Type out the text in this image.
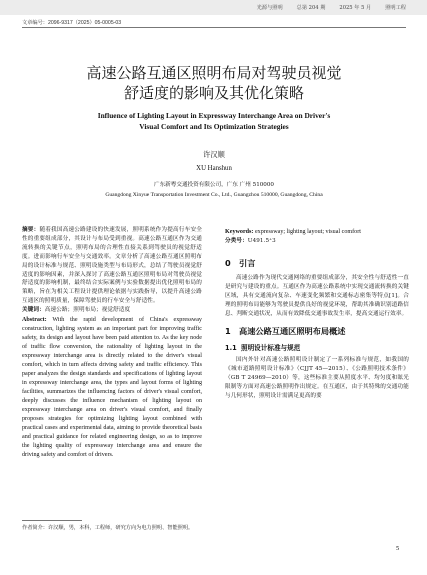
光源与照明	总第 204 期	2025 年 5 月	照明工程
文章编号：2096-9317（2025）05-0005-03
高速公路互通区照明布局对驾驶员视觉
舒适度的影响及其优化策略
Influence of Lighting Layout in Expressway Interchange Area on Driver's
Visual Comfort and Its Optimization Strategies
许汉顺
XU Hanshun
广东新粤交通投资有限公司，广东 广州 510000
Guangdong Xinyue Transportation Investment Co., Ltd., Guangzhou 510000, Guangdong, China

摘要：随着我国高速公路建设的快速发展，照明系统作为提高行车安全性的重要组成部分，其设计与布局受到重视。高速公路互通区作为交通流转换的关键节点，照明布局的合理性直接关系到驾驶员的视觉舒适度。进而影响行车安全与交通效率。文章分析了高速公路互通区照明布局的设计标准与规范、照明设施类型与布局形式，总结了驾驶员视觉舒适度的影响因素，并深入探讨了高速公路互通区照明布局对驾驶员视觉舒适度的影响机制，最终结合实际案例与实验数据提出优化照明布局的策略，旨在为相关工程设计提供理论依据与实践指导，以提升高速公路互通区的照明质量，保障驾驶员的行车安全与舒适性。

关键词：高速公路；照明布局；视觉舒适度

Abstract: With the rapid development of China's expressway construction, lighting system as an important part for improving traffic safety, its design and layout have been paid attention to. As the key node of traffic flow conversion, the rationality of lighting layout in the expressway interchange area is directly related to the driver's visual comfort, which in turn affects driving safety and traffic efficiency. This paper analyzes the design standards and specifications of lighting layout in expressway interchange area, the types and layout forms of lighting facilities, summarizes the influencing factors of driver's visual comfort, deeply discusses the influence mechanism of lighting layout on expressway interchange area on driver's visual comfort, and finally proposes strategies for optimizing lighting layout combined with practical cases and experimental data, aiming to provide theoretical basis and practical guidance for related engineering design, so as to improve the lighting quality of expressway interchange area and ensure the driving safety and comfort of drivers.

作者简介：许汉顺，男，本科，工程师，研究方向为电力照明、智能照明。

Keywords: expressway; lighting layout; visual comfort

分类号：U491.5⁺3

0 引言

高速公路作为现代交通网络的重要组成部分，其安全性与舒适性一直是研究与建设的重点。互通区作为高速公路系统中实现交通流转换的关键区域，具有交通流向复杂、车速变化频繁和交通标志密集等特点[1]。合理的照明布局能够为驾驶员提供良好的视觉环境，帮助其准确识别道路信息、判断交通状况，从而有效降低交通事故发生率，提高交通运行效率。

1 高速公路互通区照明布局概述
1.1 照明设计标准与规范

国内外针对高速公路照明设计制定了一系列标准与规范，如我国的《城市道路照明设计标准》（CJJT 45—2015）、《公路照明技术条件》（GB T 24969—2010）等，这些标准主要从照度水平、均匀度和眩光限制等方面对高速公路照明作出规定。在互通区，由于其特殊的交通功能与几何形状，照明设计需满足更高的要

5
